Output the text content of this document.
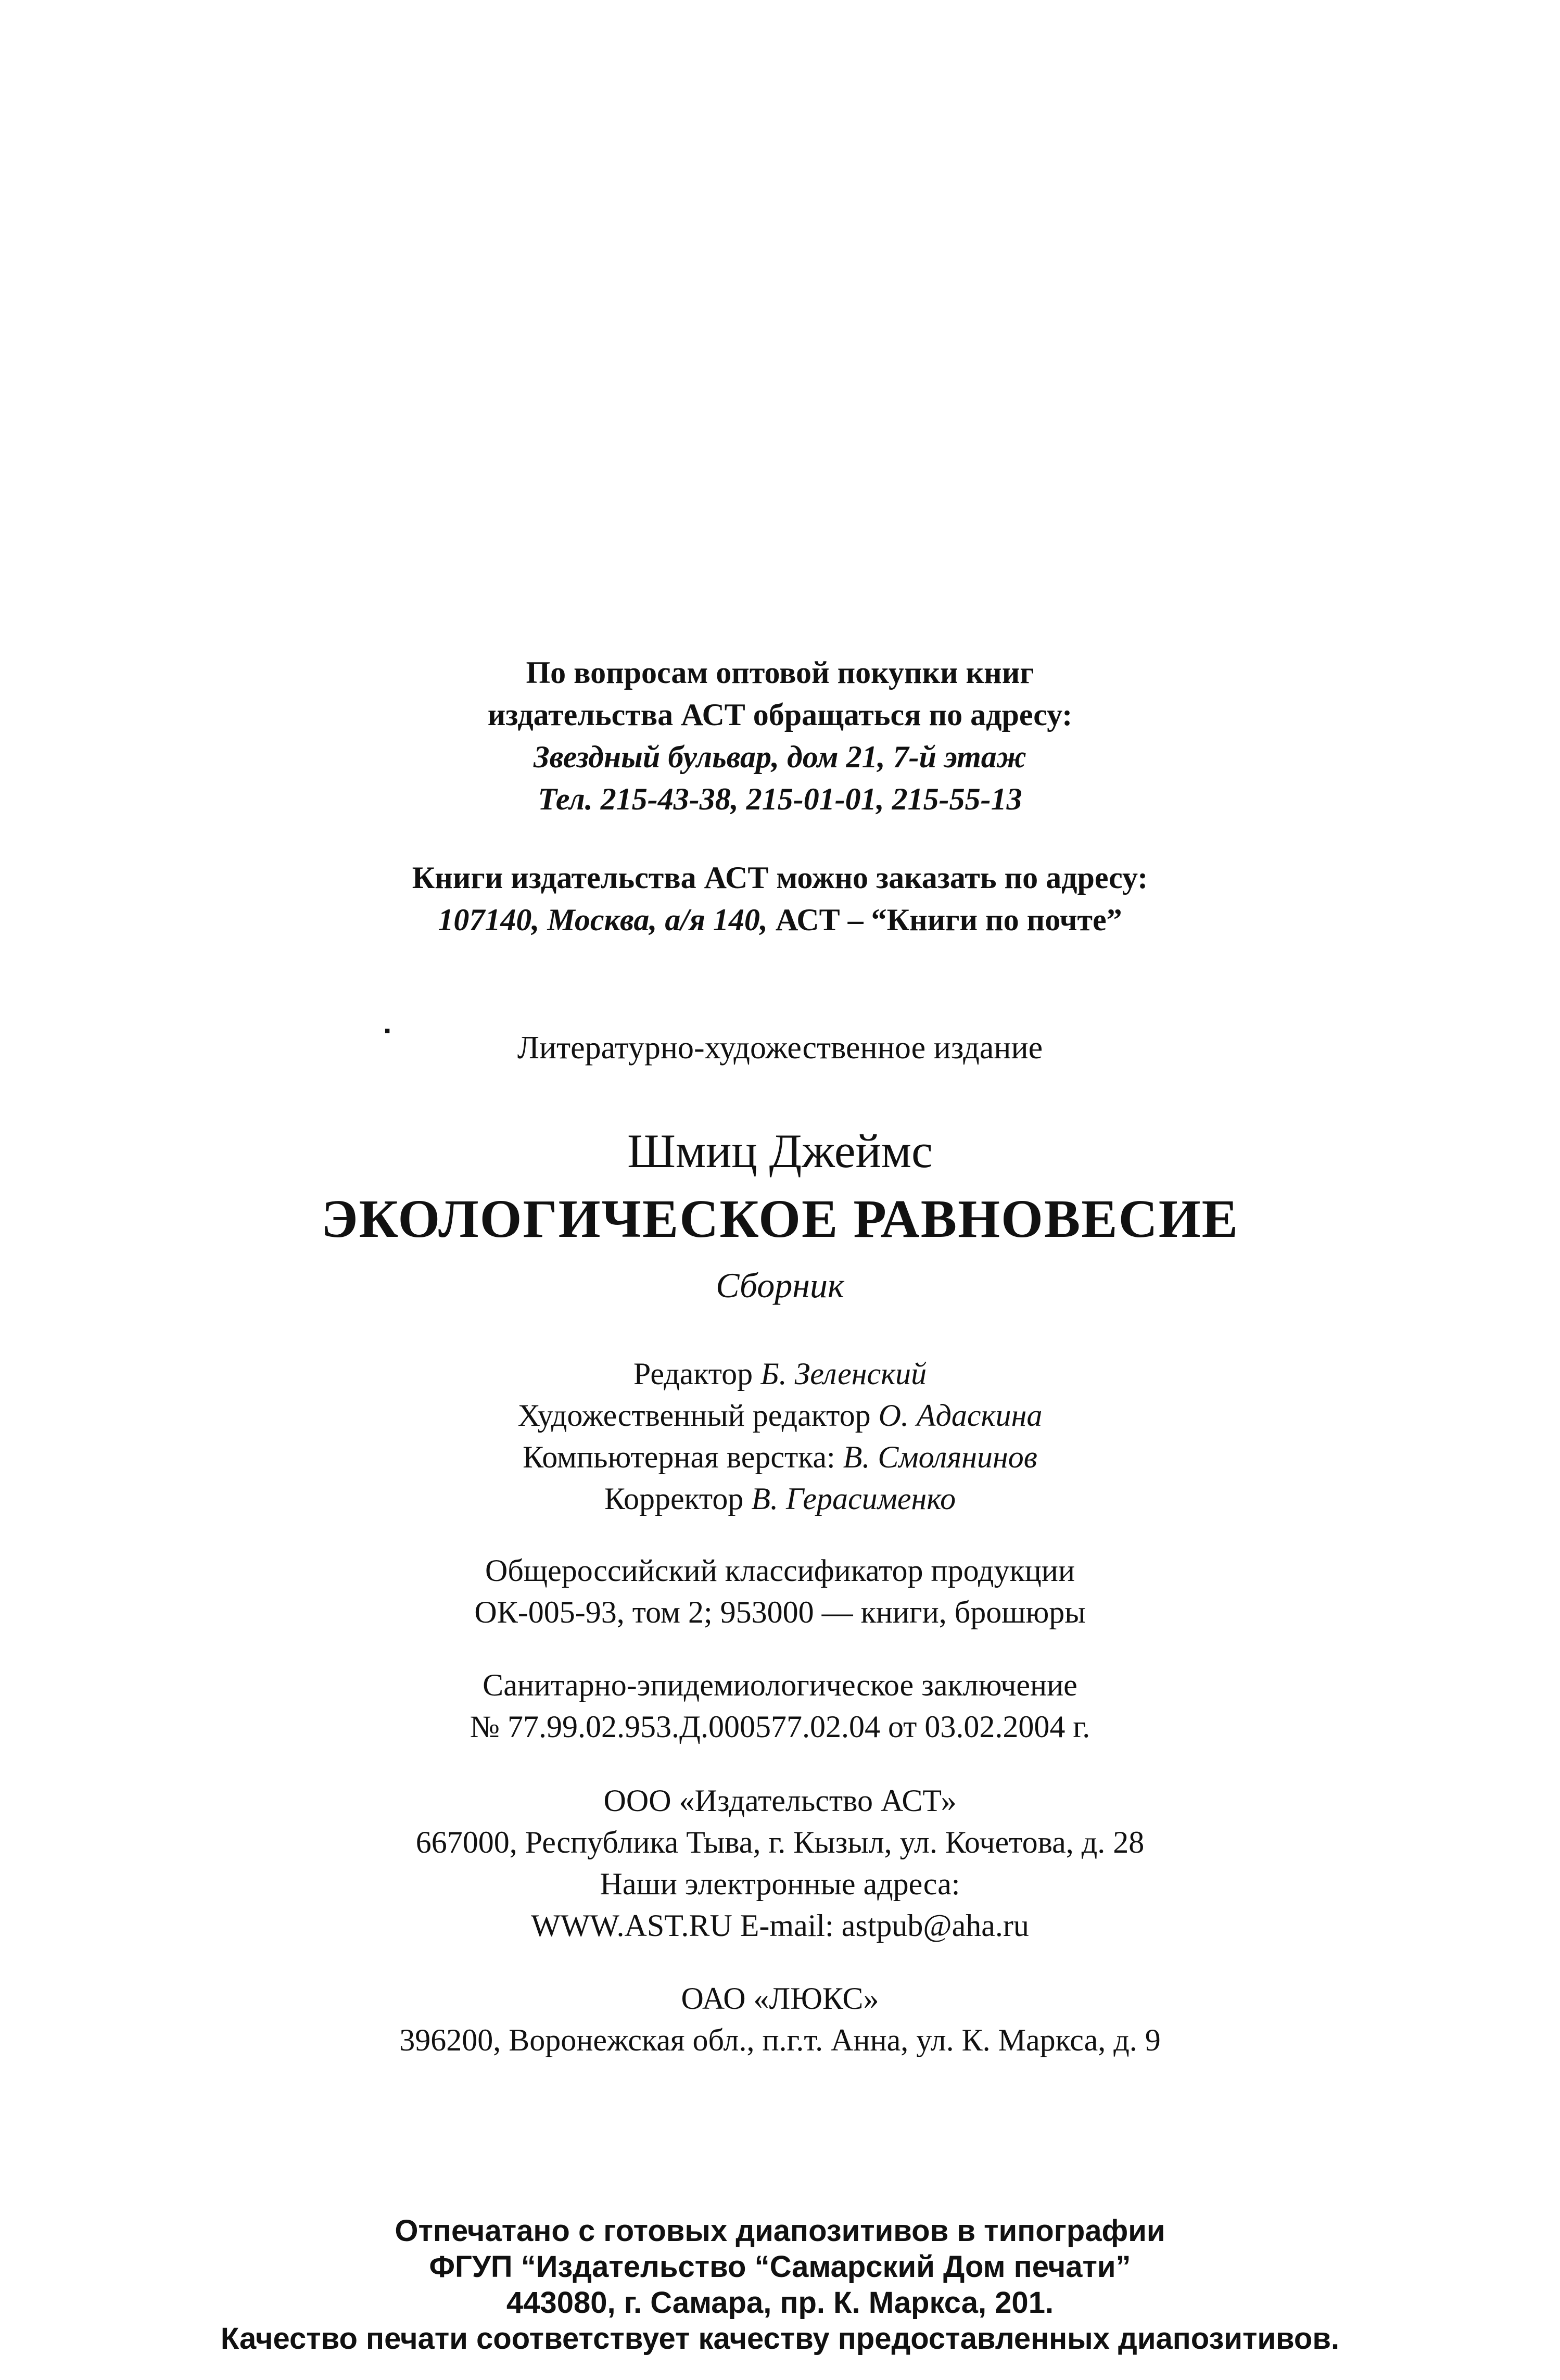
По вопросам оптовой покупки книг
издательства АСТ обращаться по адресу:
Звездный бульвар, дом 21, 7-й этаж
Тел. 215-43-38, 215-01-01, 215-55-13
Книги издательства АСТ можно заказать по адресу:
107140, Москва, а/я 140, АСТ – “Книги по почте”
▪	Литературно-художественное издание
Шмиц Джеймс
ЭКОЛОГИЧЕСКОЕ РАВНОВЕСИЕ
Сборник
Редактор Б. Зеленский
Художественный редактор О. Адаскина
Компьютерная верстка: В. Смолянинов
Корректор В. Герасименко
Общероссийский классификатор продукции
ОК-005-93, том 2; 953000 — книги, брошюры
Санитарно-эпидемиологическое заключение
№ 77.99.02.953.Д.000577.02.04 от 03.02.2004 г.
ООО «Издательство АСТ»
667000, Республика Тыва, г. Кызыл, ул. Кочетова, д. 28
Наши электронные адреса:
WWW.AST.RU E-mail: astpub@aha.ru
ОАО «ЛЮКС»
396200, Воронежская обл., п.г.т. Анна, ул. К. Маркса, д. 9
Отпечатано с готовых диапозитивов в типографии
ФГУП “Издательство “Самарский Дом печати”
443080, г. Самара, пр. К. Маркса, 201.
Качество печати соответствует качеству предоставленных диапозитивов.
